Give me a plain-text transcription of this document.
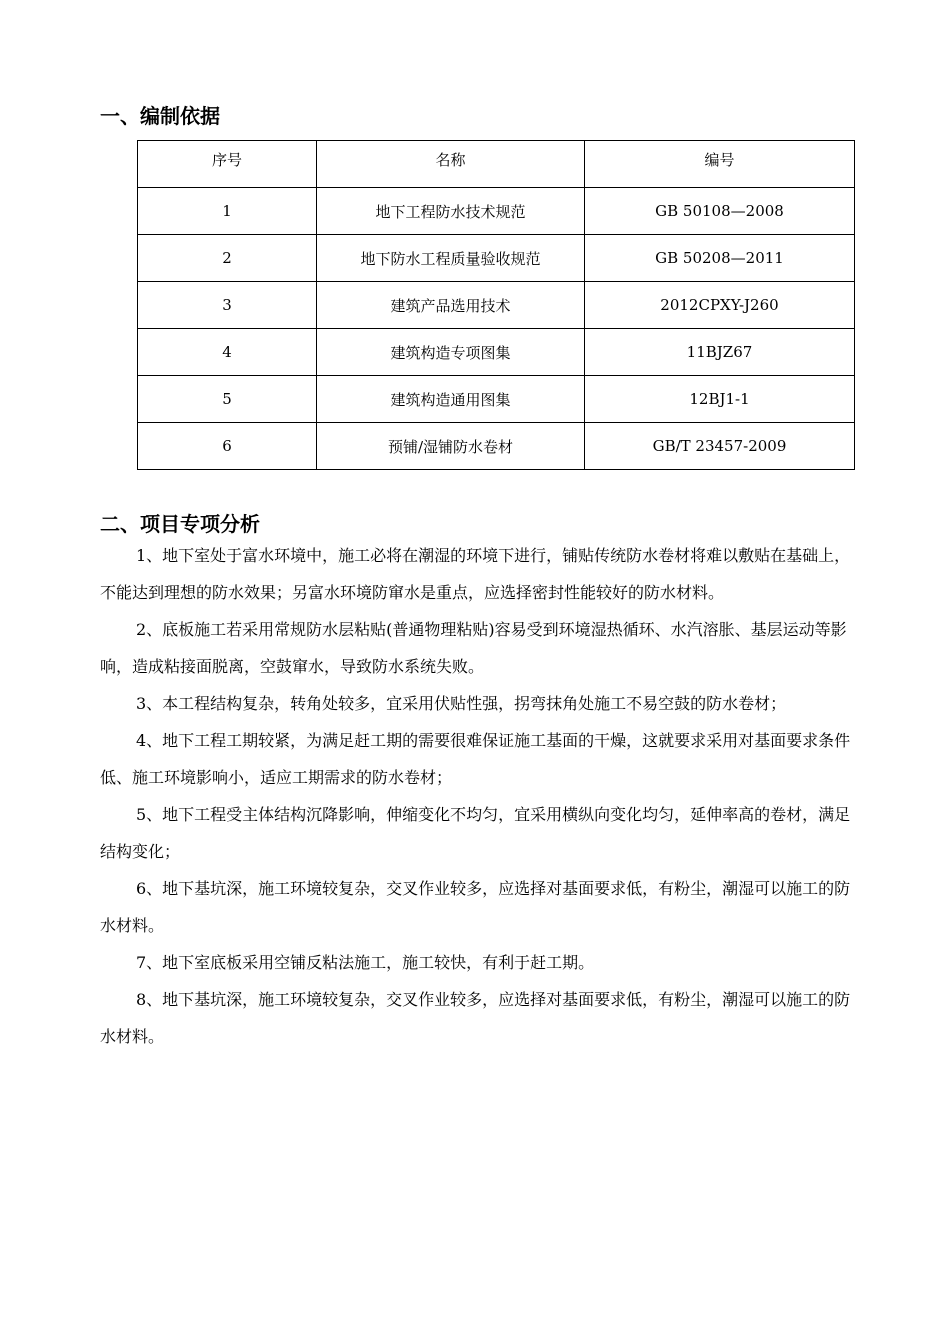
一、编制依据
序号	名称	编号
1	地下工程防水技术规范	GB 50108—2008
2	地下防水工程质量验收规范	GB 50208—2011
3	建筑产品选用技术	2012CPXY-J260
4	建筑构造专项图集	11BJZ67
5	建筑构造通用图集	12BJ1-1
6	预铺/湿铺防水卷材	GB/T 23457-2009
二、项目专项分析

1、地下室处于富水环境中，施工必将在潮湿的环境下进行，铺贴传统防水卷材将难以敷贴在基础上，不能达到理想的防水效果；另富水环境防窜水是重点，应选择密封性能较好的防水材料。

2、底板施工若采用常规防水层粘贴(普通物理粘贴)容易受到环境湿热循环、水汽溶胀、基层运动等影响，造成粘接面脱离，空鼓窜水，导致防水系统失败。

3、本工程结构复杂，转角处较多，宜采用伏贴性强，拐弯抹角处施工不易空鼓的防水卷材；

4、地下工程工期较紧，为满足赶工期的需要很难保证施工基面的干燥，这就要求采用对基面要求条件低、施工环境影响小，适应工期需求的防水卷材；

5、地下工程受主体结构沉降影响，伸缩变化不均匀，宜采用横纵向变化均匀，延伸率高的卷材，满足结构变化；

6、地下基坑深，施工环境较复杂，交叉作业较多，应选择对基面要求低，有粉尘，潮湿可以施工的防水材料。

7、地下室底板采用空铺反粘法施工，施工较快，有利于赶工期。

8、地下基坑深，施工环境较复杂，交叉作业较多，应选择对基面要求低，有粉尘，潮湿可以施工的防水材料。
